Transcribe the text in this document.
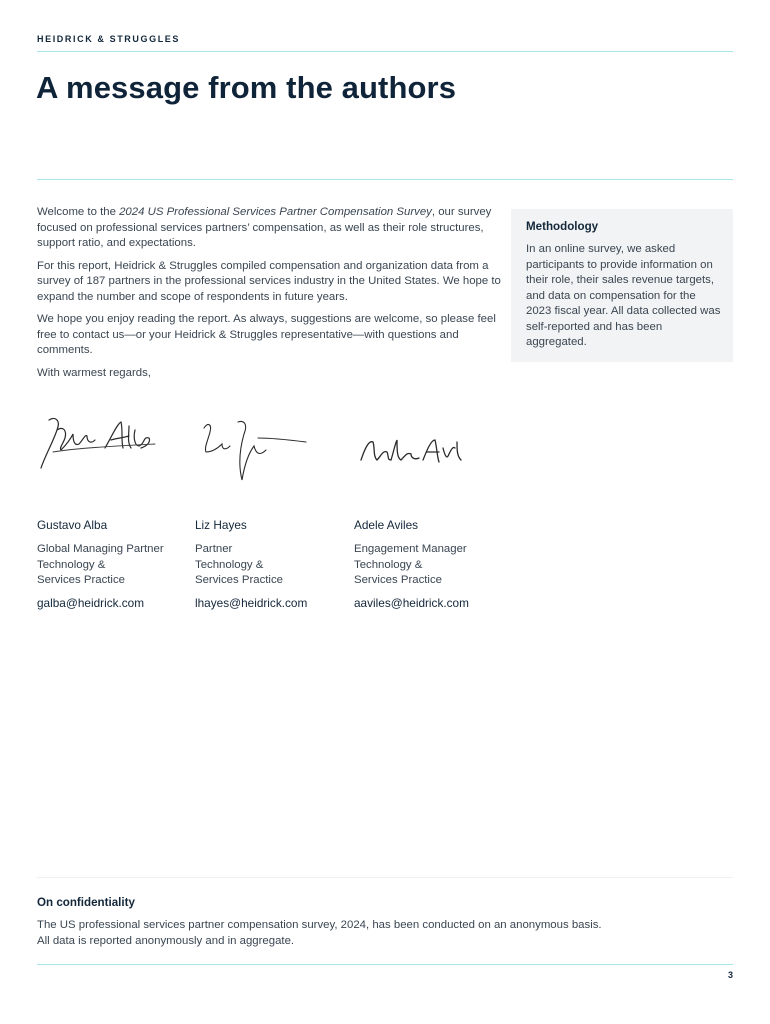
HEIDRICK & STRUGGLES
A message from the authors

Welcome to the 2024 US Professional Services Partner Compensation Survey, our survey focused on professional services partners’ compensation, as well as their role structures, support ratio, and expectations.

For this report, Heidrick & Struggles compiled compensation and organization data from a survey of 187 partners in the professional services industry in the United States. We hope to expand the number and scope of respondents in future years.

We hope you enjoy reading the report. As always, suggestions are welcome, so please feel free to contact us—or your Heidrick & Struggles representative—with questions and comments.

With warmest regards,

Methodology

In an online survey, we asked participants to provide information on their role, their sales revenue targets, and data on compensation for the 2023 fiscal year. All data collected was self-reported and has been aggregated.

Gustavo Alba
Global Managing Partner
Technology &
Services Practice
galba@heidrick.com
Liz Hayes
Partner
Technology &
Services Practice
lhayes@heidrick.com
Adele Aviles
Engagement Manager
Technology &
Services Practice
aaviles@heidrick.com
On confidentiality
The US professional services partner compensation survey, 2024, has been conducted on an anonymous basis.
All data is reported anonymously and in aggregate.
3
